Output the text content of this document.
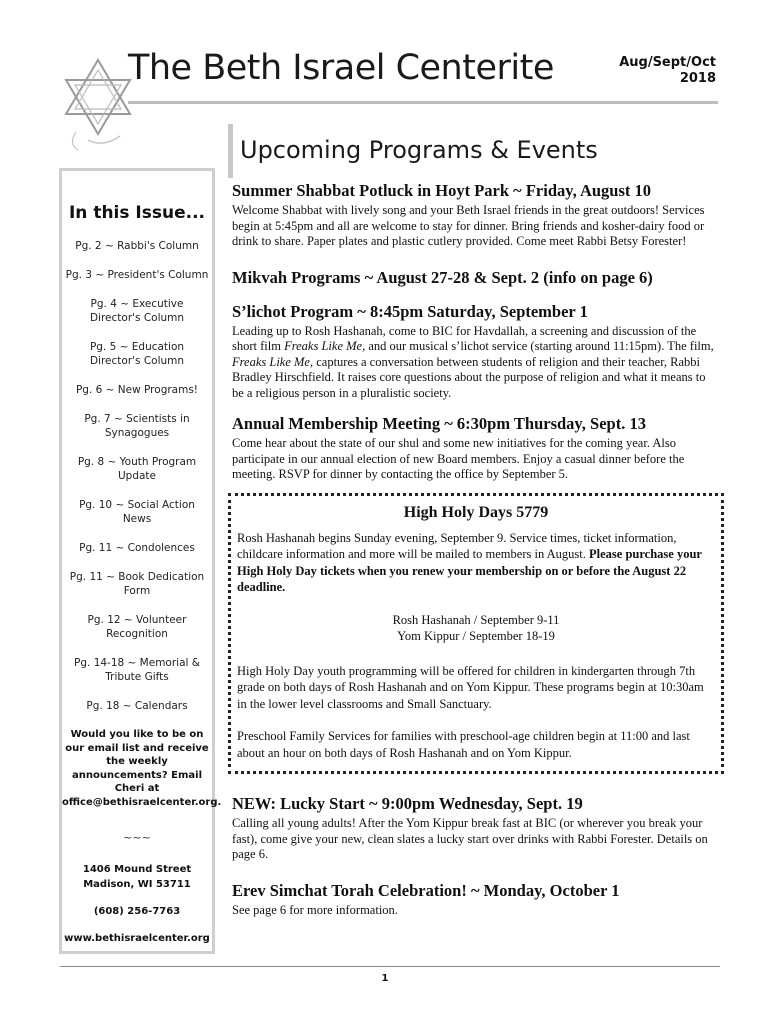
The Beth Israel Centerite	Aug/Sept/Oct
2018
Upcoming Programs & Events
In this Issue...
Pg. 2 ~ Rabbi's Column
Pg. 3 ~ President's Column
Pg. 4 ~ Executive Director's Column
Pg. 5 ~ Education Director's Column
Pg. 6 ~ New Programs!
Pg. 7 ~ Scientists in Synagogues
Pg. 8 ~ Youth Program Update
Pg. 10 ~ Social Action News
Pg. 11 ~ Condolences
Pg. 11 ~ Book Dedication Form
Pg. 12 ~ Volunteer Recognition
Pg. 14-18 ~ Memorial & Tribute Gifts
Pg. 18 ~ Calendars
Would you like to be on our email list and receive the weekly announcements? Email Cheri at office@bethisraelcenter.org.
~~~
1406 Mound Street
Madison, WI 53711
(608) 256-7763
www.bethisraelcenter.org
Summer Shabbat Potluck in Hoyt Park ~ Friday, August 10
Welcome Shabbat with lively song and your Beth Israel friends in the great outdoors! Services begin at 5:45pm and all are welcome to stay for dinner. Bring friends and kosher-dairy food or drink to share. Paper plates and plastic cutlery provided. Come meet Rabbi Betsy Forester!
Mikvah Programs ~ August 27-28 & Sept. 2 (info on page 6)
S’lichot Program ~ 8:45pm Saturday, September 1
Leading up to Rosh Hashanah, come to BIC for Havdallah, a screening and discussion of the short film Freaks Like Me, and our musical s’lichot service (starting around 11:15pm). The film, Freaks Like Me, captures a conversation between students of religion and their teacher, Rabbi Bradley Hirschfield. It raises core questions about the purpose of religion and what it means to be a religious person in a pluralistic society.
Annual Membership Meeting ~ 6:30pm Thursday, Sept. 13
Come hear about the state of our shul and some new initiatives for the coming year. Also participate in our annual election of new Board members. Enjoy a casual dinner before the meeting. RSVP for dinner by contacting the office by September 5.
High Holy Days 5779
Rosh Hashanah begins Sunday evening, September 9. Service times, ticket information, childcare information and more will be mailed to members in August. Please purchase your High Holy Day tickets when you renew your membership on or before the August 22 deadline.
Rosh Hashanah / September 9-11
Yom Kippur / September 18-19
High Holy Day youth programming will be offered for children in kindergarten through 7th grade on both days of Rosh Hashanah and on Yom Kippur. These programs begin at 10:30am in the lower level classrooms and Small Sanctuary.
Preschool Family Services for families with preschool-age children begin at 11:00 and last about an hour on both days of Rosh Hashanah and on Yom Kippur.
NEW: Lucky Start ~ 9:00pm Wednesday, Sept. 19
Calling all young adults! After the Yom Kippur break fast at BIC (or wherever you break your fast), come give your new, clean slates a lucky start over drinks with Rabbi Forester. Details on page 6.
Erev Simchat Torah Celebration! ~ Monday, October 1
See page 6 for more information.
1
